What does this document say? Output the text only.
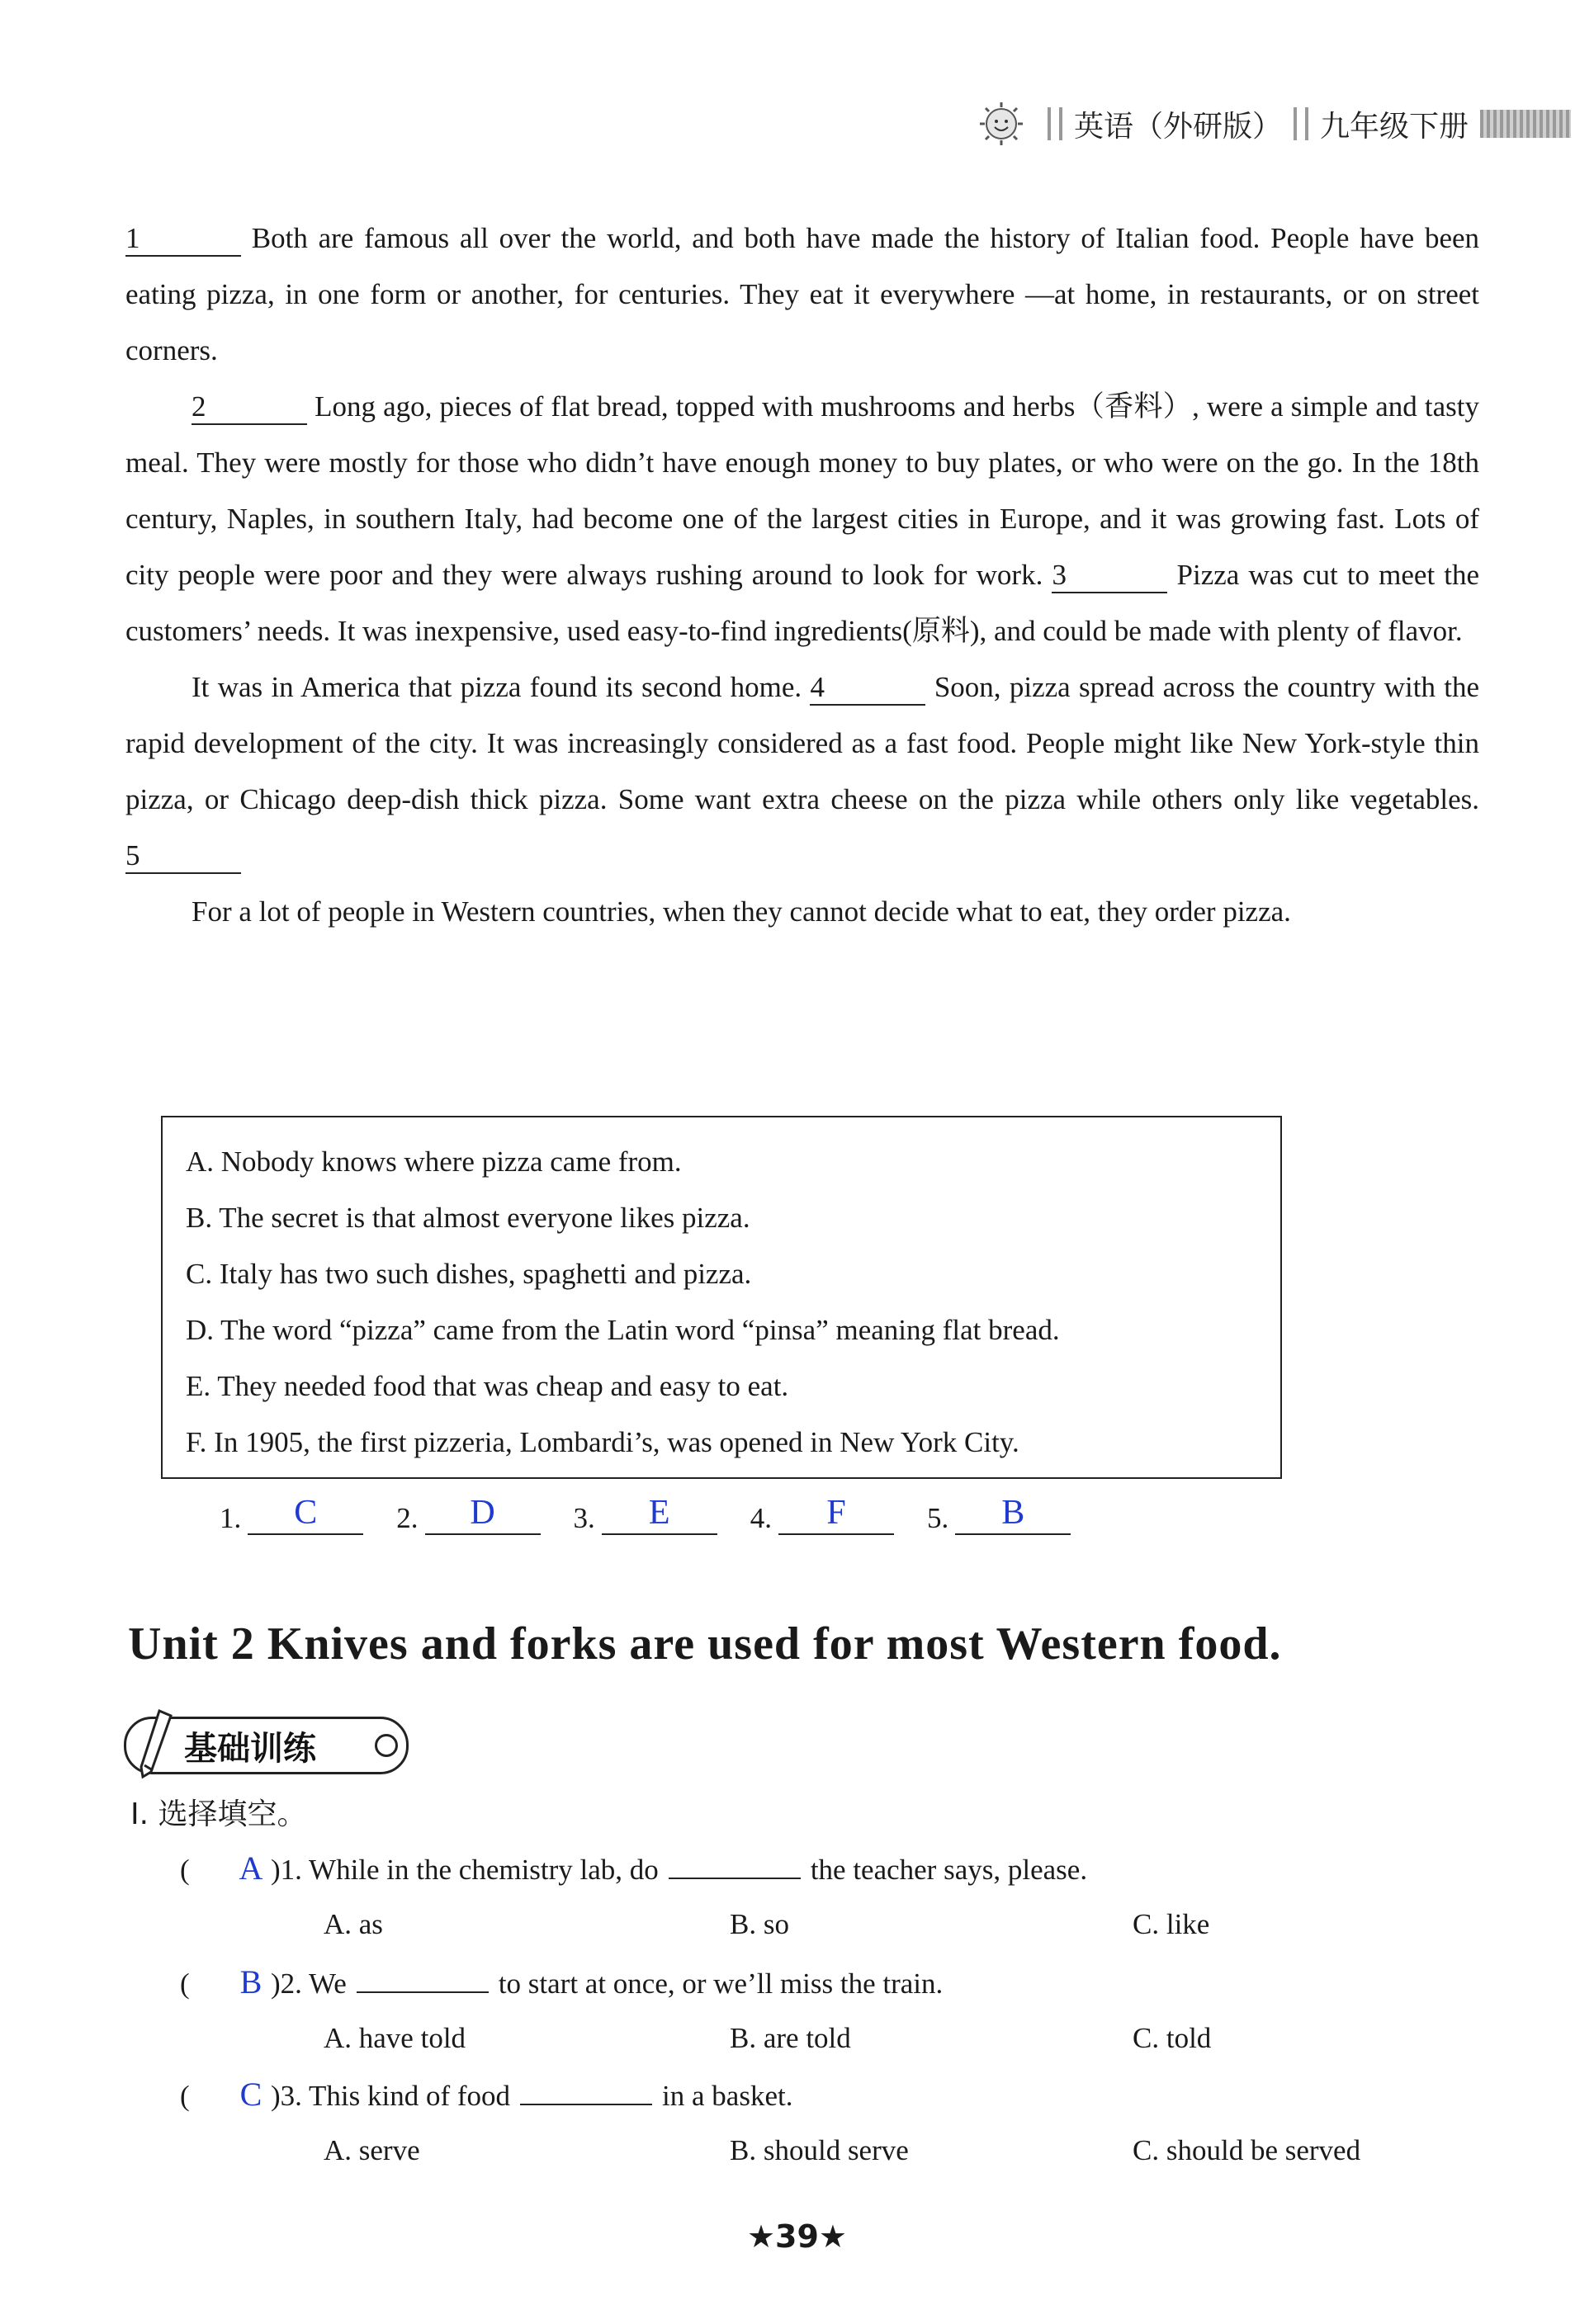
英语（外研版） 九年级下册

1	Both are famous all over the world, and both have made the history of Italian food. People have been eating pizza, in one form or another, for centuries. They eat it everywhere —at home, in restaurants, or on street corners.

2	Long ago, pieces of flat bread, topped with mushrooms and herbs（香料）, were a simple and tasty meal. They were mostly for those who didn’t have enough money to buy plates, or who were on the go. In the 18th century, Naples, in southern Italy, had become one of the largest cities in Europe, and it was growing fast. Lots of city people were poor and they were always rushing around to look for work. 3	Pizza was cut to meet the customers’ needs. It was inexpensive, used easy-to-find ingredients(原料), and could be made with plenty of flavor.

It was in America that pizza found its second home. 4	Soon, pizza spread across the country with the rapid development of the city. It was increasingly considered as a fast food. People might like New York-style thin pizza, or Chicago deep-dish thick pizza. Some want extra cheese on the pizza while others only like vegetables. 5

For a lot of people in Western countries, when they cannot decide what to eat, they order pizza.

A. Nobody knows where pizza came from.
B. The secret is that almost everyone likes pizza.
C. Italy has two such dishes, spaghetti and pizza.
D. The word “pizza” came from the Latin word “pinsa” meaning flat bread.
E. They needed food that was cheap and easy to eat.
F. In 1905, the first pizzeria, Lombardi’s, was opened in New York City.
1.	C	2.	D	3.	E	4.	F	5.	B
Unit 2 Knives and forks are used for most Western food.
基础训练
Ⅰ. 选择填空。
( A )1. While in the chemistry lab, do	the teacher says, please.
A. as	B. so	C. like
( B )2. We	to start at once, or we’ll miss the train.
A. have told	B. are told	C. told
( C )3. This kind of food	in a basket.
A. serve	B. should serve	C. should be served
★39★
